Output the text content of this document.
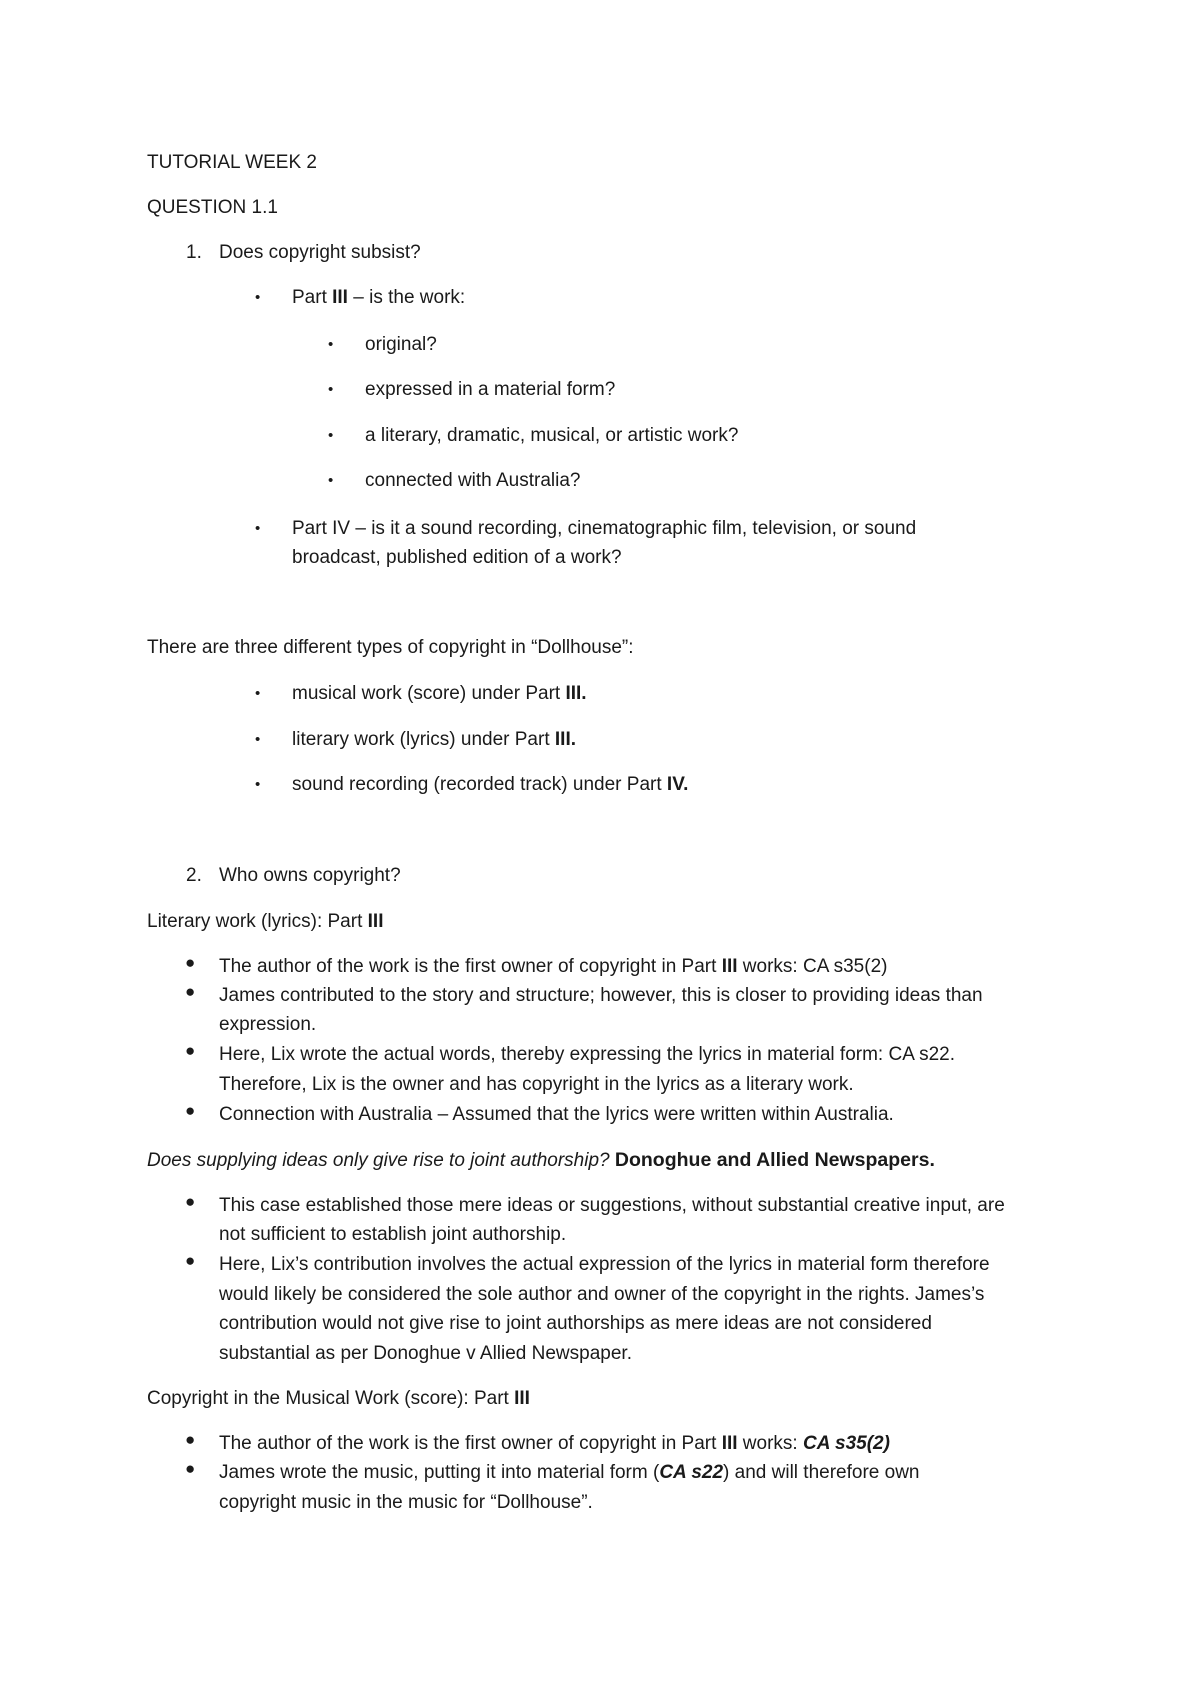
TUTORIAL WEEK 2
QUESTION 1.1
1. Does copyright subsist?
• Part III – is the work:
• original?
• expressed in a material form?
• a literary, dramatic, musical, or artistic work?
• connected with Australia?
• Part IV – is it a sound recording, cinematographic film, television, or sound
broadcast, published edition of a work?
There are three different types of copyright in “Dollhouse”:
• musical work (score) under Part III.
• literary work (lyrics) under Part III.
• sound recording (recorded track) under Part IV.
2. Who owns copyright?
Literary work (lyrics): Part III
● The author of the work is the first owner of copyright in Part III works: CA s35(2)
● James contributed to the story and structure; however, this is closer to providing ideas than
expression.
● Here, Lix wrote the actual words, thereby expressing the lyrics in material form: CA s22.
Therefore, Lix is the owner and has copyright in the lyrics as a literary work.
● Connection with Australia – Assumed that the lyrics were written within Australia.
Does supplying ideas only give rise to joint authorship? Donoghue and Allied Newspapers.
● This case established those mere ideas or suggestions, without substantial creative input, are
not sufficient to establish joint authorship.
● Here, Lix’s contribution involves the actual expression of the lyrics in material form therefore
would likely be considered the sole author and owner of the copyright in the rights. James’s
contribution would not give rise to joint authorships as mere ideas are not considered
substantial as per Donoghue v Allied Newspaper.
Copyright in the Musical Work (score): Part III
● The author of the work is the first owner of copyright in Part III works: CA s35(2)
● James wrote the music, putting it into material form (CA s22) and will therefore own
copyright music in the music for “Dollhouse”.
